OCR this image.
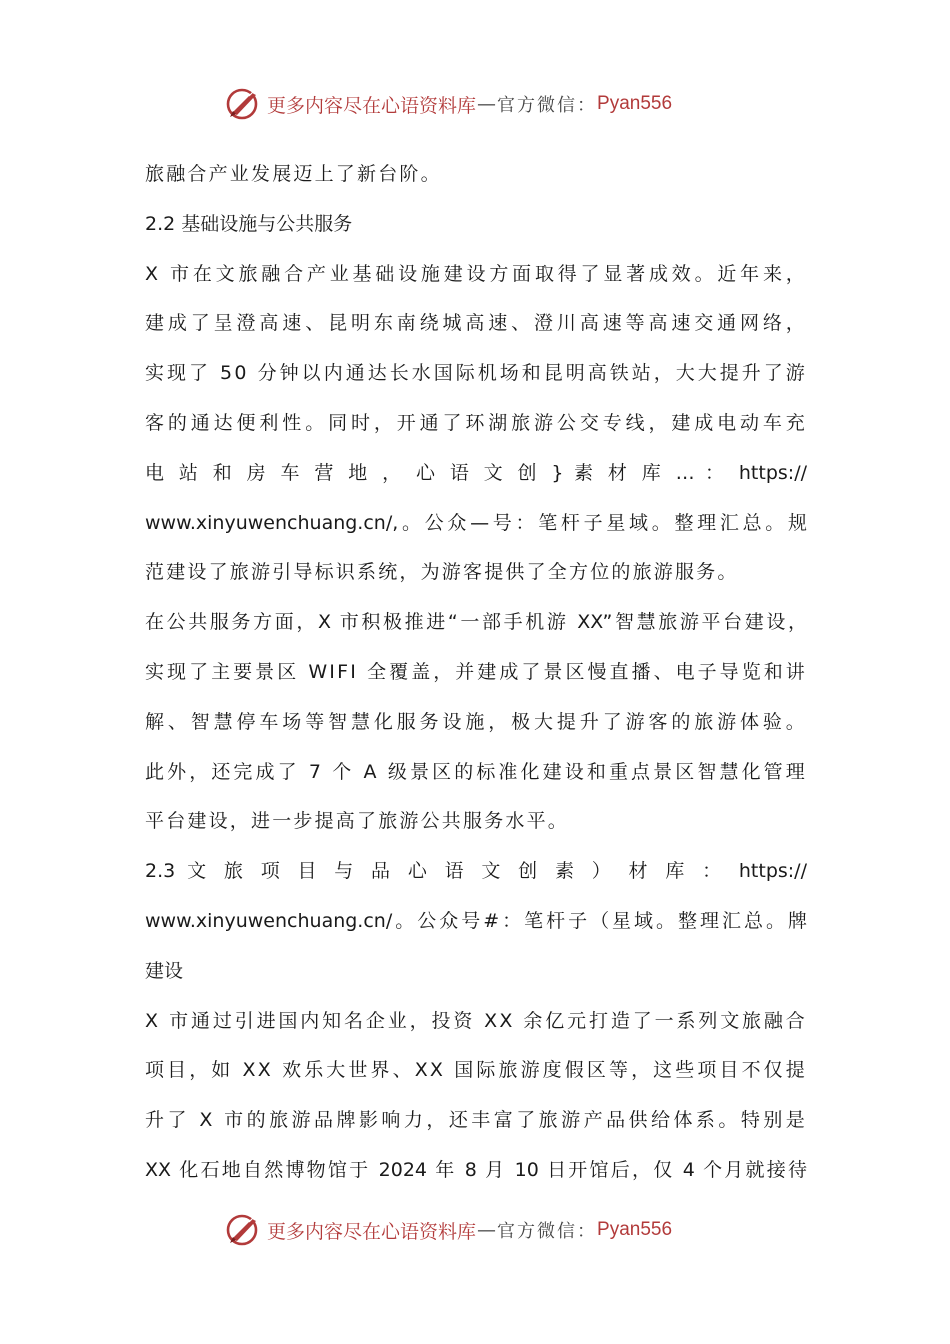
更多内容尽在心语资料库 — 官方微信： Pyan556
旅融合产业发展迈上了新台阶。
2.2 基础设施与公共服务
X 市在文旅融合产业基础设施建设方面取得了显著成效。近年来，
建成了呈澄高速、昆明东南绕城高速、澄川高速等高速交通网络，
实现了 50 分钟以内通达长水国际机场和昆明高铁站，大大提升了游
客的通达便利性。同时，开通了环湖旅游公交专线，建成电动车充
电 站 和 房 车 营 地 ， 心 语 文 创 } 素 材 库 … ： https://
www.xinyuwenchuang.cn/,。公众—号：笔杆子星域。整理汇总。规
范建设了旅游引导标识系统，为游客提供了全方位的旅游服务。
在公共服务方面，X 市积极推进“一部手机游 XX”智慧旅游平台建设，
实现了主要景区 WIFI 全覆盖，并建成了景区慢直播、电子导览和讲
解、智慧停车场等智慧化服务设施，极大提升了游客的旅游体验。
此外，还完成了 7 个 A 级景区的标准化建设和重点景区智慧化管理
平台建设，进一步提高了旅游公共服务水平。
2.3 文 旅 项 目 与 品 心 语 文 创 素 ） 材 库 ： https://
www.xinyuwenchuang.cn/。公众号#：笔杆子（星域。整理汇总。牌
建设
X 市通过引进国内知名企业，投资 XX 余亿元打造了一系列文旅融合
项目，如 XX 欢乐大世界、XX 国际旅游度假区等，这些项目不仅提
升了 X 市的旅游品牌影响力，还丰富了旅游产品供给体系。特别是
XX 化石地自然博物馆于 2024 年 8 月 10 日开馆后，仅 4 个月就接待
更多内容尽在心语资料库 — 官方微信： Pyan556
